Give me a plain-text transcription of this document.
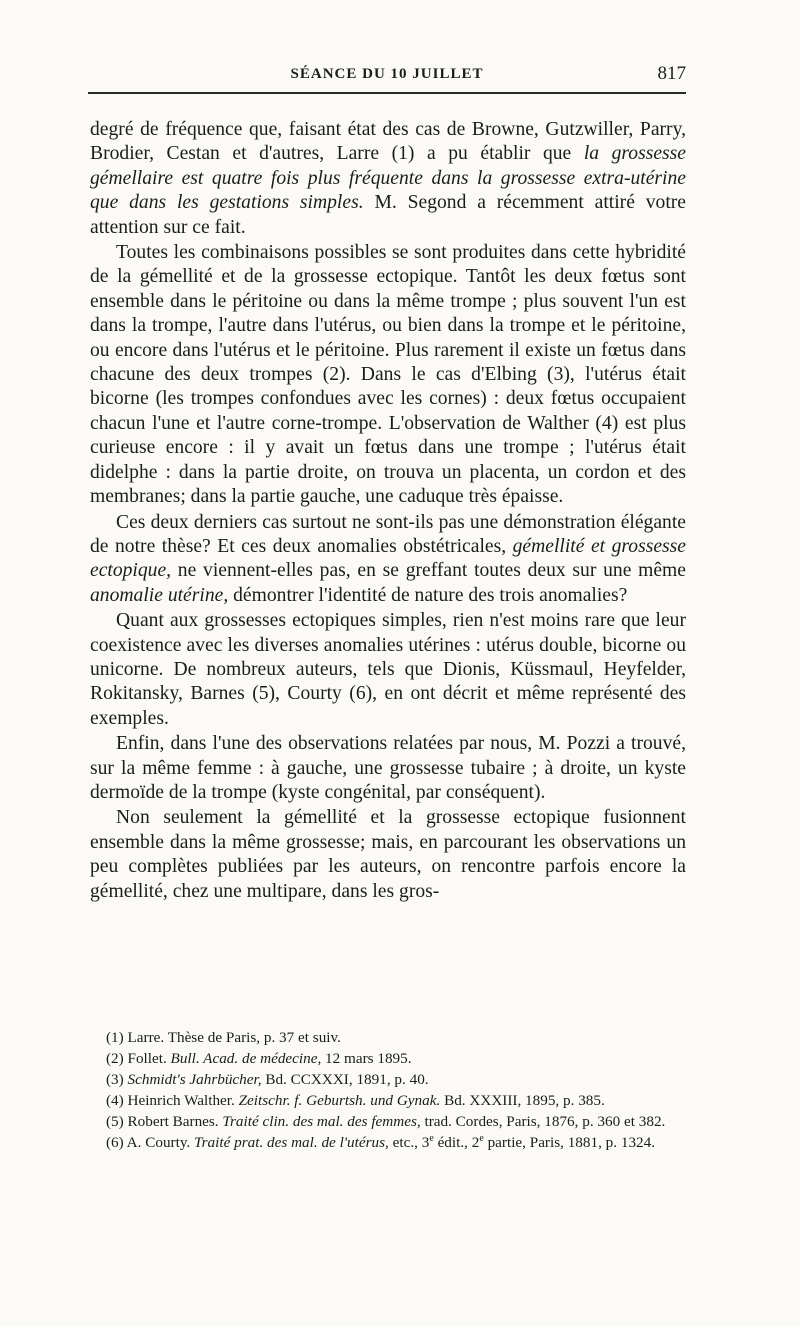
SÉANCE DU 10 JUILLET	817

degré de fréquence que, faisant état des cas de Browne, Gutzwiller, Parry, Brodier, Cestan et d'autres, Larre (1) a pu établir que la grossesse gémellaire est quatre fois plus fréquente dans la grossesse extra-utérine que dans les gestations simples. M. Segond a récemment attiré votre attention sur ce fait.

Toutes les combinaisons possibles se sont produites dans cette hybridité de la gémellité et de la grossesse ectopique. Tantôt les deux fœtus sont ensemble dans le péritoine ou dans la même trompe ; plus souvent l'un est dans la trompe, l'autre dans l'utérus, ou bien dans la trompe et le péritoine, ou encore dans l'utérus et le péritoine. Plus rarement il existe un fœtus dans chacune des deux trompes (2). Dans le cas d'Elbing (3), l'utérus était bicorne (les trompes confondues avec les cornes) : deux fœtus occupaient chacun l'une et l'autre corne-trompe. L'observation de Walther (4) est plus curieuse encore : il y avait un fœtus dans une trompe ; l'utérus était didelphe : dans la partie droite, on trouva un placenta, un cordon et des membranes; dans la partie gauche, une caduque très épaisse.

Ces deux derniers cas surtout ne sont-ils pas une démonstration élégante de notre thèse? Et ces deux anomalies obstétricales, gémellité et grossesse ectopique, ne viennent-elles pas, en se greffant toutes deux sur une même anomalie utérine, démontrer l'identité de nature des trois anomalies?

Quant aux grossesses ectopiques simples, rien n'est moins rare que leur coexistence avec les diverses anomalies utérines : utérus double, bicorne ou unicorne. De nombreux auteurs, tels que Dionis, Küssmaul, Heyfelder, Rokitansky, Barnes (5), Courty (6), en ont décrit et même représenté des exemples.

Enfin, dans l'une des observations relatées par nous, M. Pozzi a trouvé, sur la même femme : à gauche, une grossesse tubaire ; à droite, un kyste dermoïde de la trompe (kyste congénital, par conséquent).

Non seulement la gémellité et la grossesse ectopique fusionnent ensemble dans la même grossesse; mais, en parcourant les observations un peu complètes publiées par les auteurs, on rencontre parfois encore la gémellité, chez une multipare, dans les gros-

(1) Larre. Thèse de Paris, p. 37 et suiv.

(2) Follet. Bull. Acad. de médecine, 12 mars 1895.

(3) Schmidt's Jahrbücher, Bd. CCXXXI, 1891, p. 40.

(4) Heinrich Walther. Zeitschr. f. Geburtsh. und Gynak. Bd. XXXIII, 1895, p. 385.

(5) Robert Barnes. Traité clin. des mal. des femmes, trad. Cordes, Paris, 1876, p. 360 et 382.

(6) A. Courty. Traité prat. des mal. de l'utérus, etc., 3e édit., 2e partie, Paris, 1881, p. 1324.
